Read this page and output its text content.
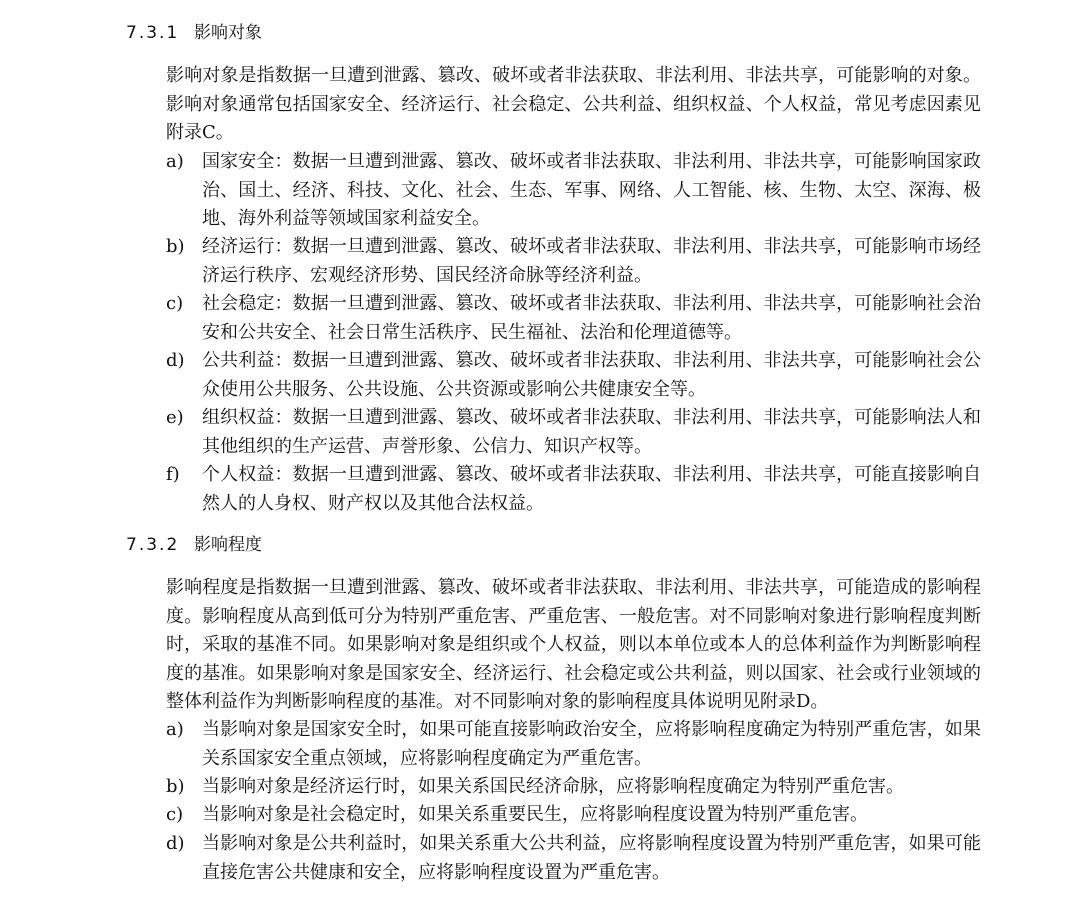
7.3.1 影响对象

影响对象是指数据一旦遭到泄露、篡改、破坏或者非法获取、非法利用、非法共享，可能影响的对象。影响对象通常包括国家安全、经济运行、社会稳定、公共利益、组织权益、个人权益，常见考虑因素见附录C。

a)	国家安全：数据一旦遭到泄露、篡改、破坏或者非法获取、非法利用、非法共享，可能影响国家政治、国土、经济、科技、文化、社会、生态、军事、网络、人工智能、核、生物、太空、深海、极地、海外利益等领域国家利益安全。
b) 经济运行：数据一旦遭到泄露、篡改、破坏或者非法获取、非法利用、非法共享，可能影响市场经济运行秩序、宏观经济形势、国民经济命脉等经济利益。
c)	社会稳定：数据一旦遭到泄露、篡改、破坏或者非法获取、非法利用、非法共享，可能影响社会治安和公共安全、社会日常生活秩序、民生福祉、法治和伦理道德等。
d) 公共利益：数据一旦遭到泄露、篡改、破坏或者非法获取、非法利用、非法共享，可能影响社会公众使用公共服务、公共设施、公共资源或影响公共健康安全等。
e)	组织权益：数据一旦遭到泄露、篡改、破坏或者非法获取、非法利用、非法共享，可能影响法人和其他组织的生产运营、声誉形象、公信力、知识产权等。
f)	个人权益：数据一旦遭到泄露、篡改、破坏或者非法获取、非法利用、非法共享，可能直接影响自然人的人身权、财产权以及其他合法权益。
7.3.2 影响程度

影响程度是指数据一旦遭到泄露、篡改、破坏或者非法获取、非法利用、非法共享，可能造成的影响程度。影响程度从高到低可分为特别严重危害、严重危害、一般危害。对不同影响对象进行影响程度判断时，采取的基准不同。如果影响对象是组织或个人权益，则以本单位或本人的总体利益作为判断影响程度的基准。如果影响对象是国家安全、经济运行、社会稳定或公共利益，则以国家、社会或行业领域的整体利益作为判断影响程度的基准。对不同影响对象的影响程度具体说明见附录D。

a)	当影响对象是国家安全时，如果可能直接影响政治安全，应将影响程度确定为特别严重危害，如果关系国家安全重点领域，应将影响程度确定为严重危害。
b) 当影响对象是经济运行时，如果关系国民经济命脉，应将影响程度确定为特别严重危害。
c)	当影响对象是社会稳定时，如果关系重要民生，应将影响程度设置为特别严重危害。
d) 当影响对象是公共利益时，如果关系重大公共利益，应将影响程度设置为特别严重危害，如果可能直接危害公共健康和安全，应将影响程度设置为严重危害。
